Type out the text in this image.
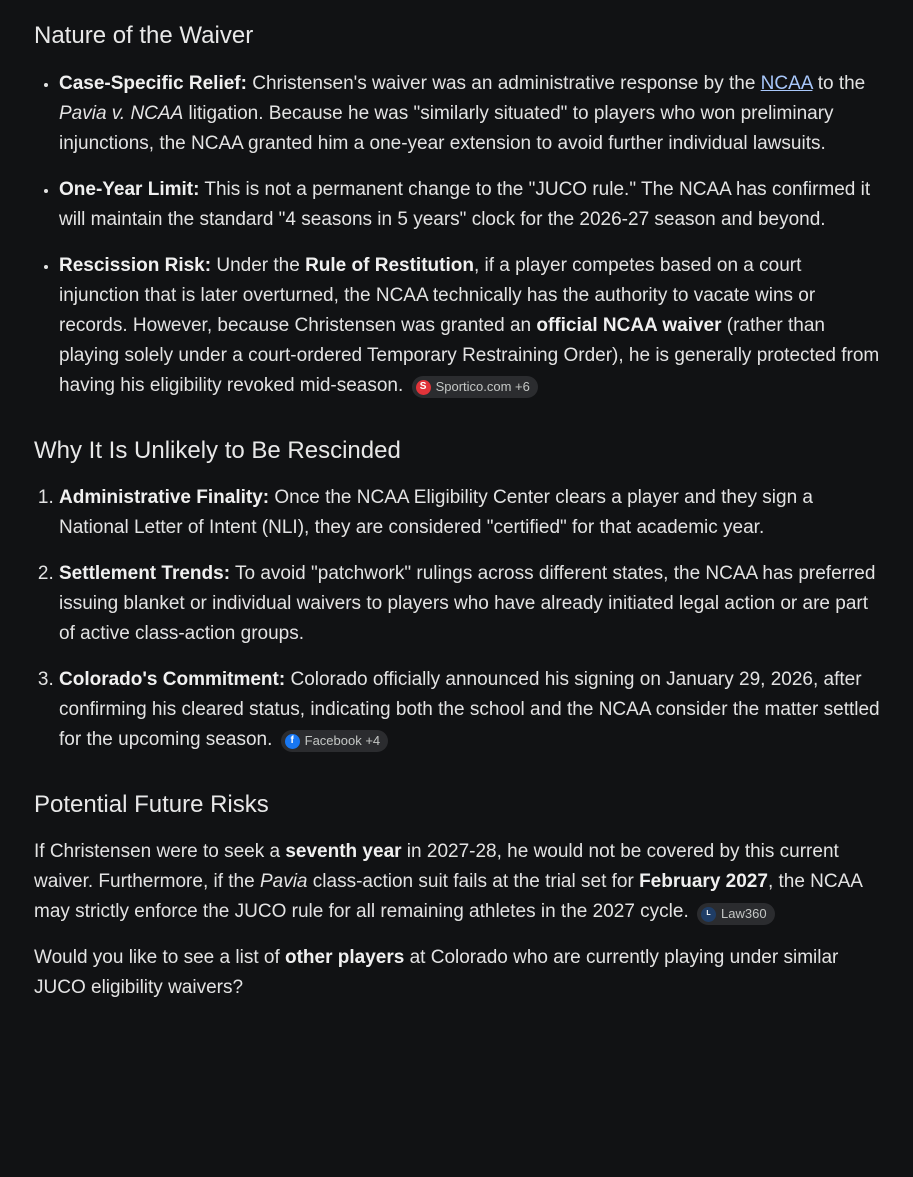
Nature of the Waiver
• Case-Specific Relief: Christensen's waiver was an administrative response by the NCAA to the Pavia v. NCAA litigation. Because he was "similarly situated" to players who won preliminary injunctions, the NCAA granted him a one-year extension to avoid further individual lawsuits.
• One-Year Limit: This is not a permanent change to the "JUCO rule." The NCAA has confirmed it will maintain the standard "4 seasons in 5 years" clock for the 2026-27 season and beyond.
• Rescission Risk: Under the Rule of Restitution, if a player competes based on a court injunction that is later overturned, the NCAA technically has the authority to vacate wins or records. However, because Christensen was granted an official NCAA waiver (rather than playing solely under a court-ordered Temporary Restraining Order), he is generally protected from having his eligibility revoked mid-season.	S Sportico.com +6
Why It Is Unlikely to Be Rescinded
1. Administrative Finality: Once the NCAA Eligibility Center clears a player and they sign a National Letter of Intent (NLI), they are considered "certified" for that academic year.
2. Settlement Trends: To avoid "patchwork" rulings across different states, the NCAA has preferred issuing blanket or individual waivers to players who have already initiated legal action or are part of active class-action groups.
3. Colorado's Commitment: Colorado officially announced his signing on January 29, 2026, after confirming his cleared status, indicating both the school and the NCAA consider the matter settled for the upcoming season.	f Facebook +4
Potential Future Risks

If Christensen were to seek a seventh year in 2027-28, he would not be covered by this current waiver. Furthermore, if the Pavia class-action suit fails at the trial set for February 2027, the NCAA may strictly enforce the JUCO rule for all remaining athletes in the 2027 cycle.	L Law360

Would you like to see a list of other players at Colorado who are currently playing under similar JUCO eligibility waivers?
